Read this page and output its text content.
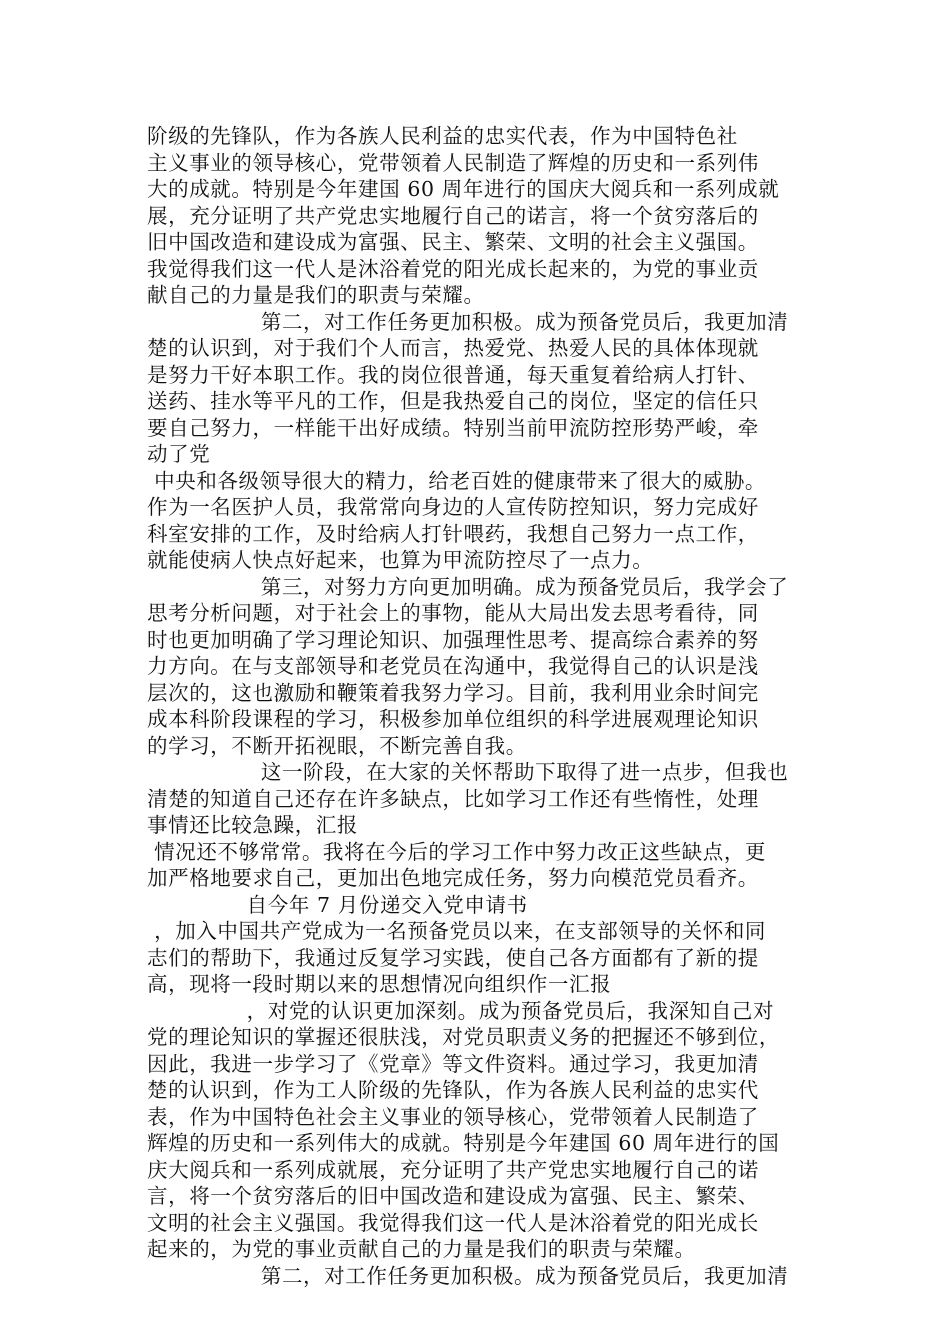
阶级的先锋队，作为各族人民利益的忠实代表，作为中国特色社
主义事业的领导核心，党带领着人民制造了辉煌的历史和一系列伟
大的成就。特别是今年建国 60 周年进行的国庆大阅兵和一系列成就
展，充分证明了共产党忠实地履行自己的诺言，将一个贫穷落后的
旧中国改造和建设成为富强、民主、繁荣、文明的社会主义强国。
我觉得我们这一代人是沐浴着党的阳光成长起来的，为党的事业贡
献自己的力量是我们的职责与荣耀。
第二，对工作任务更加积极。成为预备党员后，我更加清
楚的认识到，对于我们个人而言，热爱党、热爱人民的具体体现就
是努力干好本职工作。我的岗位很普通，每天重复着给病人打针、
送药、挂水等平凡的工作，但是我热爱自己的岗位，坚定的信任只
要自己努力，一样能干出好成绩。特别当前甲流防控形势严峻，牵
动了党
中央和各级领导很大的精力，给老百姓的健康带来了很大的威胁。
作为一名医护人员，我常常向身边的人宣传防控知识，努力完成好
科室安排的工作，及时给病人打针喂药，我想自己努力一点工作，
就能使病人快点好起来，也算为甲流防控尽了一点力。
第三，对努力方向更加明确。成为预备党员后，我学会了
思考分析问题，对于社会上的事物，能从大局出发去思考看待，同
时也更加明确了学习理论知识、加强理性思考、提高综合素养的努
力方向。在与支部领导和老党员在沟通中，我觉得自己的认识是浅
层次的，这也激励和鞭策着我努力学习。目前，我利用业余时间完
成本科阶段课程的学习，积极参加单位组织的科学进展观理论知识
的学习，不断开拓视眼，不断完善自我。
这一阶段，在大家的关怀帮助下取得了进一点步，但我也
清楚的知道自己还存在许多缺点，比如学习工作还有些惰性，处理
事情还比较急躁，汇报
情况还不够常常。我将在今后的学习工作中努力改正这些缺点，更
加严格地要求自己，更加出色地完成任务，努力向模范党员看齐。
自今年 7 月份递交入党申请书
，加入中国共产党成为一名预备党员以来，在支部领导的关怀和同
志们的帮助下，我通过反复学习实践，使自己各方面都有了新的提
高，现将一段时期以来的思想情况向组织作一汇报
，对党的认识更加深刻。成为预备党员后，我深知自己对
党的理论知识的掌握还很肤浅，对党员职责义务的把握还不够到位，
因此，我进一步学习了《党章》等文件资料。通过学习，我更加清
楚的认识到，作为工人阶级的先锋队，作为各族人民利益的忠实代
表，作为中国特色社会主义事业的领导核心，党带领着人民制造了
辉煌的历史和一系列伟大的成就。特别是今年建国 60 周年进行的国
庆大阅兵和一系列成就展，充分证明了共产党忠实地履行自己的诺
言，将一个贫穷落后的旧中国改造和建设成为富强、民主、繁荣、
文明的社会主义强国。我觉得我们这一代人是沐浴着党的阳光成长
起来的，为党的事业贡献自己的力量是我们的职责与荣耀。
第二，对工作任务更加积极。成为预备党员后，我更加清
